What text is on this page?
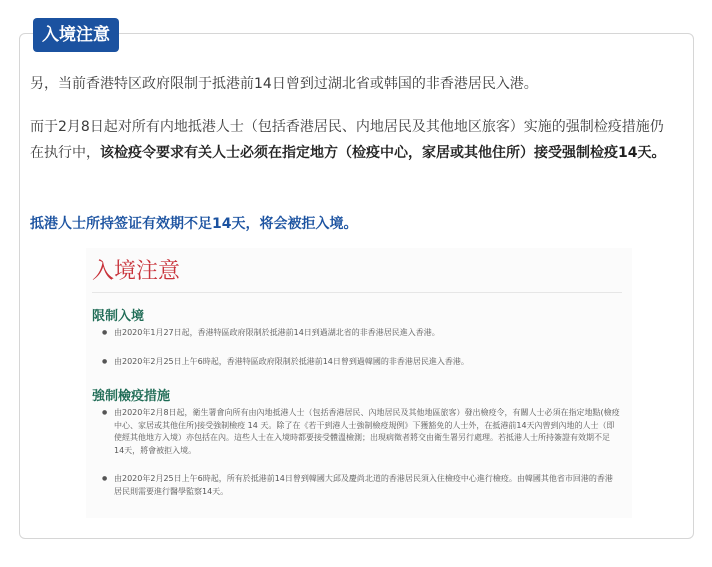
入境注意

另，当前香港特区政府限制于抵港前14日曾到过湖北省或韩国的非香港居民入港。

而于2月8日起对所有内地抵港人士（包括香港居民、内地居民及其他地区旅客）实施的强制检疫措施仍在执行中，该检疫令要求有关人士必须在指定地方（检疫中心，家居或其他住所）接受强制检疫14天。

抵港人士所持签证有效期不足14天，将会被拒入境。

入境注意
限制入境
● 由2020年1月27日起，香港特區政府限制於抵港前14日到過湖北省的非香港居民進入香港。
● 由2020年2月25日上午6時起，香港特區政府限制於抵港前14日曾到過韓國的非香港居民進入香港。
強制檢疫措施
● 由2020年2月8日起，衛生署會向所有由內地抵港人士（包括香港居民、內地居民及其他地區旅客）發出檢疫令，有關人士必須在指定地點(檢疫中心、家居或其他住所)接受強制檢疫 14 天。除了在《若干到港人士強制檢疫規例》下獲豁免的人士外，在抵港前14天內曾到內地的人士（即使經其他地方入境）亦包括在內。這些人士在入境時都要接受體溫檢測；出現病徵者將交由衛生署另行處理。若抵港人士所持簽證有效期不足14天，將會被拒入境。
● 由2020年2月25日上午6時起，所有於抵港前14日曾到韓國大邱及慶尚北道的香港居民須入住檢疫中心進行檢疫。由韓國其他省市回港的香港居民則需要進行醫學監察14天。
